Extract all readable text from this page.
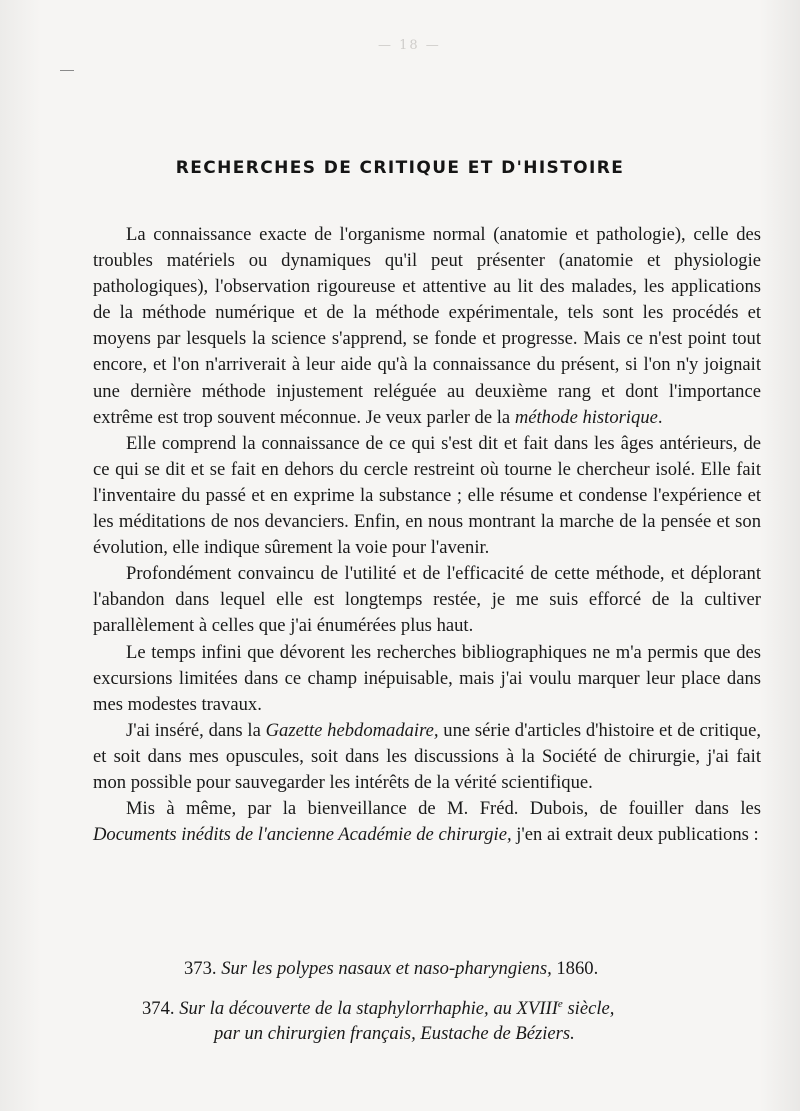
— 18 —
RECHERCHES DE CRITIQUE ET D'HISTOIRE

La connaissance exacte de l'organisme normal (anatomie et pathologie), celle des troubles matériels ou dynamiques qu'il peut présenter (anatomie et physiologie pathologiques), l'observation rigoureuse et attentive au lit des malades, les applications de la méthode numérique et de la méthode expérimentale, tels sont les procédés et moyens par lesquels la science s'apprend, se fonde et progresse. Mais ce n'est point tout encore, et l'on n'arriverait à leur aide qu'à la connaissance du présent, si l'on n'y joignait une dernière méthode injustement reléguée au deuxième rang et dont l'importance extrême est trop souvent méconnue. Je veux parler de la méthode historique.

Elle comprend la connaissance de ce qui s'est dit et fait dans les âges antérieurs, de ce qui se dit et se fait en dehors du cercle restreint où tourne le chercheur isolé. Elle fait l'inventaire du passé et en exprime la substance ; elle résume et condense l'expérience et les méditations de nos devanciers. Enfin, en nous montrant la marche de la pensée et son évolution, elle indique sûrement la voie pour l'avenir.

Profondément convaincu de l'utilité et de l'efficacité de cette méthode, et déplorant l'abandon dans lequel elle est longtemps restée, je me suis efforcé de la cultiver parallèlement à celles que j'ai énumérées plus haut.

Le temps infini que dévorent les recherches bibliographiques ne m'a permis que des excursions limitées dans ce champ inépuisable, mais j'ai voulu marquer leur place dans mes modestes travaux.

J'ai inséré, dans la Gazette hebdomadaire, une série d'articles d'histoire et de critique, et soit dans mes opuscules, soit dans les discussions à la Société de chirurgie, j'ai fait mon possible pour sauvegarder les intérêts de la vérité scientifique.

Mis à même, par la bienveillance de M. Fréd. Dubois, de fouiller dans les Documents inédits de l'ancienne Académie de chirurgie, j'en ai extrait deux publications :

373. Sur les polypes nasaux et naso-pharyngiens, 1860.
374. Sur la découverte de la staphylorrhaphie, au XVIIIe siècle,
par un chirurgien français, Eustache de Béziers.
